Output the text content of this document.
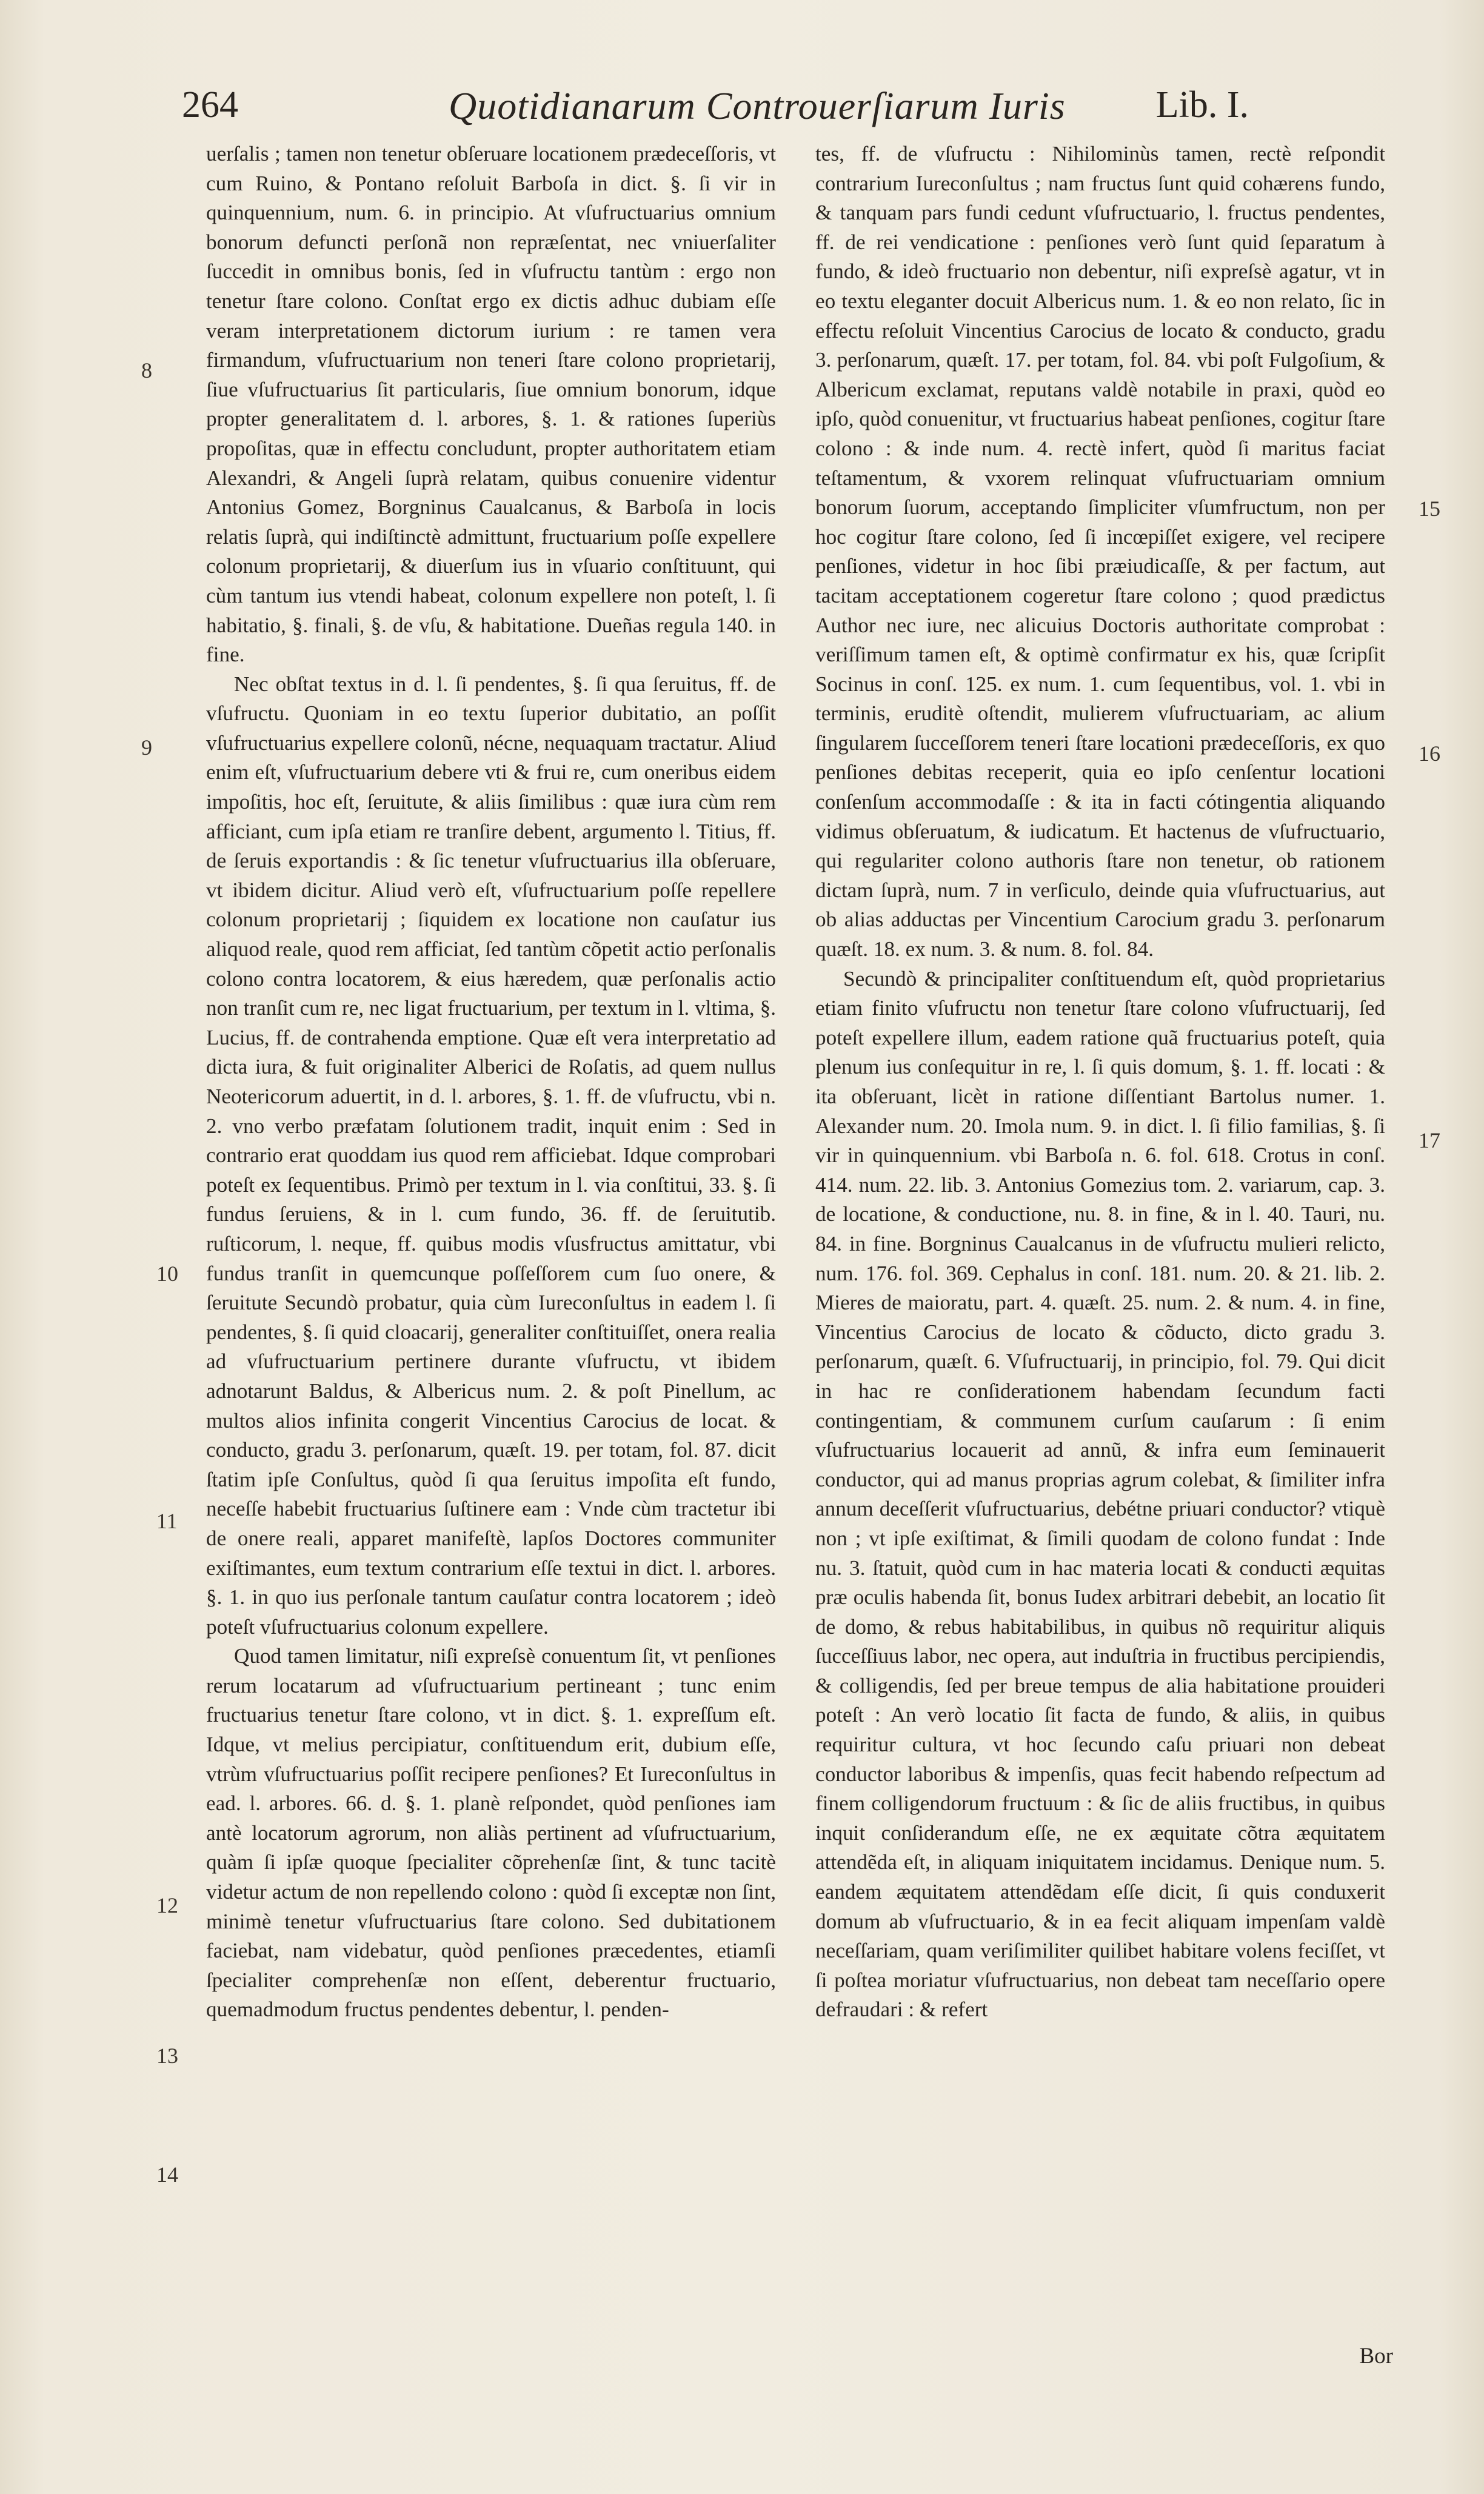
264	Quotidianarum Controuerſiarum Iuris Lib. I.
8
9
10
11
12
13
14
15
16
17

uerſalis ; tamen non tenetur obſeruare locationem prædeceſſoris, vt cum Ruino, & Pontano reſoluit Barboſa in dict. §. ſi vir in quinquennium, num. 6. in principio. At vſufructuarius omnium bonorum defuncti perſonã non repræſentat, nec vniuerſaliter ſuccedit in omnibus bonis, ſed in vſufructu tantùm : ergo non tenetur ſtare colono. Conſtat ergo ex dictis adhuc dubiam eſſe veram interpretationem dictorum iurium : re tamen vera firmandum, vſufructuarium non teneri ſtare colono proprietarij, ſiue vſufructuarius ſit particularis, ſiue omnium bonorum, idque propter generalitatem d. l. arbores, §. 1. & rationes ſuperiùs propoſitas, quæ in effectu concludunt, propter authoritatem etiam Alexandri, & Angeli ſuprà relatam, quibus conuenire videntur Antonius Gomez, Borgninus Caualcanus, & Barboſa in locis relatis ſuprà, qui indiſtinctè admittunt, fructuarium poſſe expellere colonum proprietarij, & diuerſum ius in vſuario conſtituunt, qui cùm tantum ius vtendi habeat, colonum expellere non poteſt, l. ſi habitatio, §. finali, §. de vſu, & habitatione. Dueñas regula 140. in fine.

Nec obſtat textus in d. l. ſi pendentes, §. ſi qua ſeruitus, ff. de vſufructu. Quoniam in eo textu ſuperior dubitatio, an poſſit vſufructuarius expellere colonũ, nécne, nequaquam tractatur. Aliud enim eſt, vſufructuarium debere vti & frui re, cum oneribus eidem impoſitis, hoc eſt, ſeruitute, & aliis ſimilibus : quæ iura cùm rem afficiant, cum ipſa etiam re tranſire debent, argumento l. Titius, ff. de ſeruis exportandis : & ſic tenetur vſufructuarius illa obſeruare, vt ibidem dicitur. Aliud verò eſt, vſufructuarium poſſe repellere colonum proprietarij ; ſiquidem ex locatione non cauſatur ius aliquod reale, quod rem afficiat, ſed tantùm cõpetit actio perſonalis colono contra locatorem, & eius hæredem, quæ perſonalis actio non tranſit cum re, nec ligat fructuarium, per textum in l. vltima, §. Lucius, ff. de contrahenda emptione. Quæ eſt vera interpretatio ad dicta iura, & fuit originaliter Alberici de Roſatis, ad quem nullus Neotericorum aduertit, in d. l. arbores, §. 1. ff. de vſufructu, vbi n. 2. vno verbo præfatam ſolutionem tradit, inquit enim : Sed in contrario erat quoddam ius quod rem afficiebat. Idque comprobari poteſt ex ſequentibus. Primò per textum in l. via conſtitui, 33. §. ſi fundus ſeruiens, & in l. cum fundo, 36. ff. de ſeruitutib. ruſticorum, l. neque, ff. quibus modis vſusfructus amittatur, vbi fundus tranſit in quemcunque poſſeſſorem cum ſuo onere, & ſeruitute Secundò probatur, quia cùm Iureconſultus in eadem l. ſi pendentes, §. ſi quid cloacarij, generaliter conſtituiſſet, onera realia ad vſufructuarium pertinere durante vſufructu, vt ibidem adnotarunt Baldus, & Albericus num. 2. & poſt Pinellum, ac multos alios infinita congerit Vincentius Carocius de locat. & conducto, gradu 3. perſonarum, quæſt. 19. per totam, fol. 87. dicit ſtatim ipſe Conſultus, quòd ſi qua ſeruitus impoſita eſt fundo, neceſſe habebit fructuarius ſuſtinere eam : Vnde cùm tractetur ibi de onere reali, apparet manifeſtè, lapſos Doctores communiter exiſtimantes, eum textum contrarium eſſe textui in dict. l. arbores. §. 1. in quo ius perſonale tantum cauſatur contra locatorem ; ideò poteſt vſufructuarius colonum expellere.

Quod tamen limitatur, niſi expreſsè conuentum ſit, vt penſiones rerum locatarum ad vſufructuarium pertineant ; tunc enim fructuarius tenetur ſtare colono, vt in dict. §. 1. expreſſum eſt. Idque, vt melius percipiatur, conſtituendum erit, dubium eſſe, vtrùm vſufructuarius poſſit recipere penſiones? Et Iureconſultus in ead. l. arbores. 66. d. §. 1. planè reſpondet, quòd penſiones iam antè locatorum agrorum, non aliàs pertinent ad vſufructuarium, quàm ſi ipſæ quoque ſpecialiter cõprehenſæ ſint, & tunc tacitè videtur actum de non repellendo colono : quòd ſi exceptæ non ſint, minimè tenetur vſufructuarius ſtare colono. Sed dubitationem faciebat, nam videbatur, quòd penſiones præcedentes, etiamſi ſpecialiter comprehenſæ non eſſent, deberentur fructuario, quemadmodum fructus pendentes debentur, l. penden-

tes, ff. de vſufructu : Nihilominùs tamen, rectè reſpondit contrarium Iureconſultus ; nam fructus ſunt quid cohærens fundo, & tanquam pars fundi cedunt vſufructuario, l. fructus pendentes, ff. de rei vendicatione : penſiones verò ſunt quid ſeparatum à fundo, & ideò fructuario non debentur, niſi expreſsè agatur, vt in eo textu eleganter docuit Albericus num. 1. & eo non relato, ſic in effectu reſoluit Vincentius Carocius de locato & conducto, gradu 3. perſonarum, quæſt. 17. per totam, fol. 84. vbi poſt Fulgoſium, & Albericum exclamat, reputans valdè notabile in praxi, quòd eo ipſo, quòd conuenitur, vt fructuarius habeat penſiones, cogitur ſtare colono : & inde num. 4. rectè infert, quòd ſi maritus faciat teſtamentum, & vxorem relinquat vſufructuariam omnium bonorum ſuorum, acceptando ſimpliciter vſumfructum, non per hoc cogitur ſtare colono, ſed ſi incœpiſſet exigere, vel recipere penſiones, videtur in hoc ſibi præiudicaſſe, & per factum, aut tacitam acceptationem cogeretur ſtare colono ; quod prædictus Author nec iure, nec alicuius Doctoris authoritate comprobat : veriſſimum tamen eſt, & optimè confirmatur ex his, quæ ſcripſit Socinus in conſ. 125. ex num. 1. cum ſequentibus, vol. 1. vbi in terminis, eruditè oſtendit, mulierem vſufructuariam, ac alium ſingularem ſucceſſorem teneri ſtare locationi prædeceſſoris, ex quo penſiones debitas receperit, quia eo ipſo cenſentur locationi conſenſum accommodaſſe : & ita in facti cótingentia aliquando vidimus obſeruatum, & iudicatum. Et hactenus de vſufructuario, qui regulariter colono authoris ſtare non tenetur, ob rationem dictam ſuprà, num. 7 in verſiculo, deinde quia vſufructuarius, aut ob alias adductas per Vincentium Carocium gradu 3. perſonarum quæſt. 18. ex num. 3. & num. 8. fol. 84.

Secundò & principaliter conſtituendum eſt, quòd proprietarius etiam finito vſufructu non tenetur ſtare colono vſufructuarij, ſed poteſt expellere illum, eadem ratione quã fructuarius poteſt, quia plenum ius conſequitur in re, l. ſi quis domum, §. 1. ff. locati : & ita obſeruant, licèt in ratione diſſentiant Bartolus numer. 1. Alexander num. 20. Imola num. 9. in dict. l. ſi filio familias, §. ſi vir in quinquennium. vbi Barboſa n. 6. fol. 618. Crotus in conſ. 414. num. 22. lib. 3. Antonius Gomezius tom. 2. variarum, cap. 3. de locatione, & conductione, nu. 8. in fine, & in l. 40. Tauri, nu. 84. in fine. Borgninus Caualcanus in de vſufructu mulieri relicto, num. 176. fol. 369. Cephalus in conſ. 181. num. 20. & 21. lib. 2. Mieres de maioratu, part. 4. quæſt. 25. num. 2. & num. 4. in fine, Vincentius Carocius de locato & cõducto, dicto gradu 3. perſonarum, quæſt. 6. Vſufructuarij, in principio, fol. 79. Qui dicit in hac re conſiderationem habendam ſecundum facti contingentiam, & communem curſum cauſarum : ſi enim vſufructuarius locauerit ad annũ, & infra eum ſeminauerit conductor, qui ad manus proprias agrum colebat, & ſimiliter infra annum deceſſerit vſufructuarius, debétne priuari conductor? vtiquè non ; vt ipſe exiſtimat, & ſimili quodam de colono fundat : Inde nu. 3. ſtatuit, quòd cum in hac materia locati & conducti æquitas præ oculis habenda ſit, bonus Iudex arbitrari debebit, an locatio ſit de domo, & rebus habitabilibus, in quibus nõ requiritur aliquis ſucceſſiuus labor, nec opera, aut induſtria in fructibus percipiendis, & colligendis, ſed per breue tempus de alia habitatione prouideri poteſt : An verò locatio ſit facta de fundo, & aliis, in quibus requiritur cultura, vt hoc ſecundo caſu priuari non debeat conductor laboribus & impenſis, quas fecit habendo reſpectum ad finem colligendorum fructuum : & ſic de aliis fructibus, in quibus inquit conſiderandum eſſe, ne ex æquitate cõtra æquitatem attendẽda eſt, in aliquam iniquitatem incidamus. Denique num. 5. eandem æquitatem attendẽdam eſſe dicit, ſi quis conduxerit domum ab vſufructuario, & in ea fecit aliquam impenſam valdè neceſſariam, quam veriſimiliter quilibet habitare volens feciſſet, vt ſi poſtea moriatur vſufructuarius, non debeat tam neceſſario opere defraudari : & refert

Bor
